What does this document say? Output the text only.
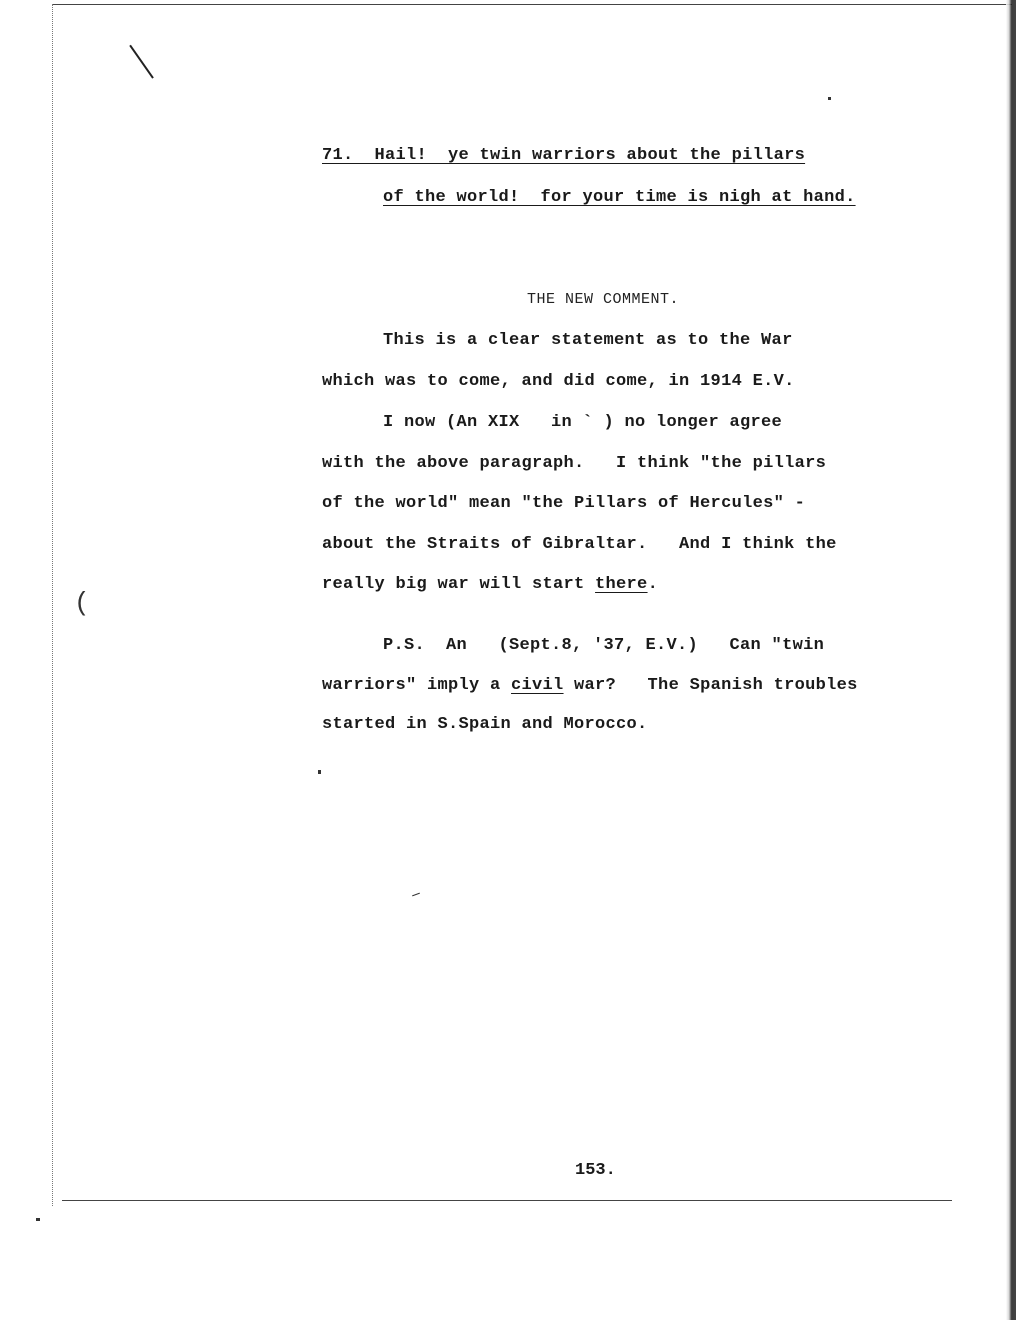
(
71.  Hail!  ye twin warriors about the pillars
of the world!  for your time is nigh at hand.
THE NEW COMMENT.
This is a clear statement as to the War
which was to come, and did come, in 1914 E.V.
I now (An XIX   in ` ) no longer agree
with the above paragraph.   I think "the pillars
of the world" mean "the Pillars of Hercules" -
about the Straits of Gibraltar.   And I think the
really big war will start there.
P.S.  An   (Sept.8, '37, E.V.)   Can "twin
warriors" imply a civil war?   The Spanish troubles
started in S.Spain and Morocco.
153.
